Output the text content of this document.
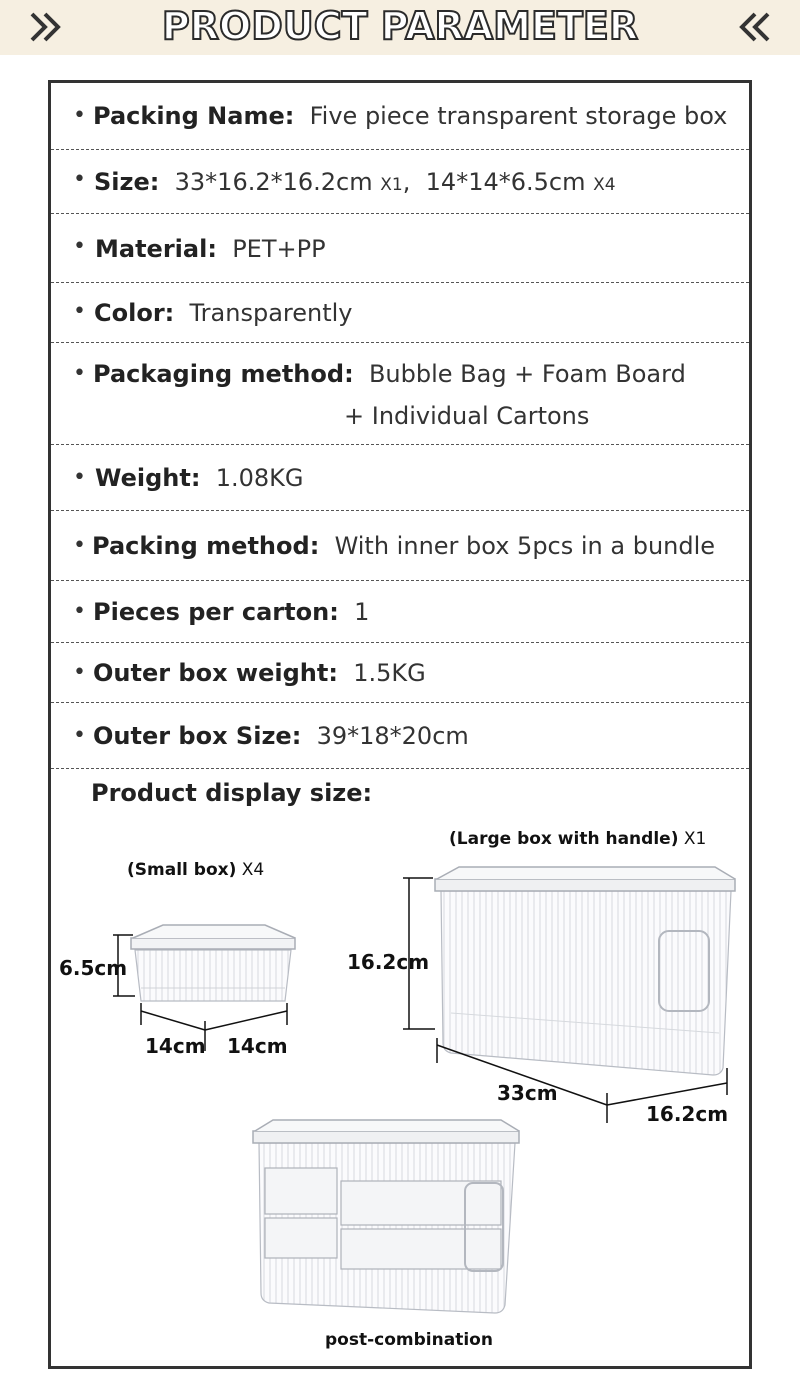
PRODUCT PARAMETER
• Packing Name: Five piece transparent storage box
• Size: 33*16.2*16.2cm X1, 14*14*6.5cm X4
• Material: PET+PP
• Color: Transparently
• Packaging method: Bubble Bag + Foam Board
+ Individual Cartons
• Weight: 1.08KG
• Packing method: With inner box 5pcs in a bundle
• Pieces per carton: 1
• Outer box weight: 1.5KG
• Outer box Size: 39*18*20cm
Product display size:
(Small box) X4
6.5cm
14cm 14cm
(Large box with handle) X1
16.2cm
33cm
16.2cm
post-combination
